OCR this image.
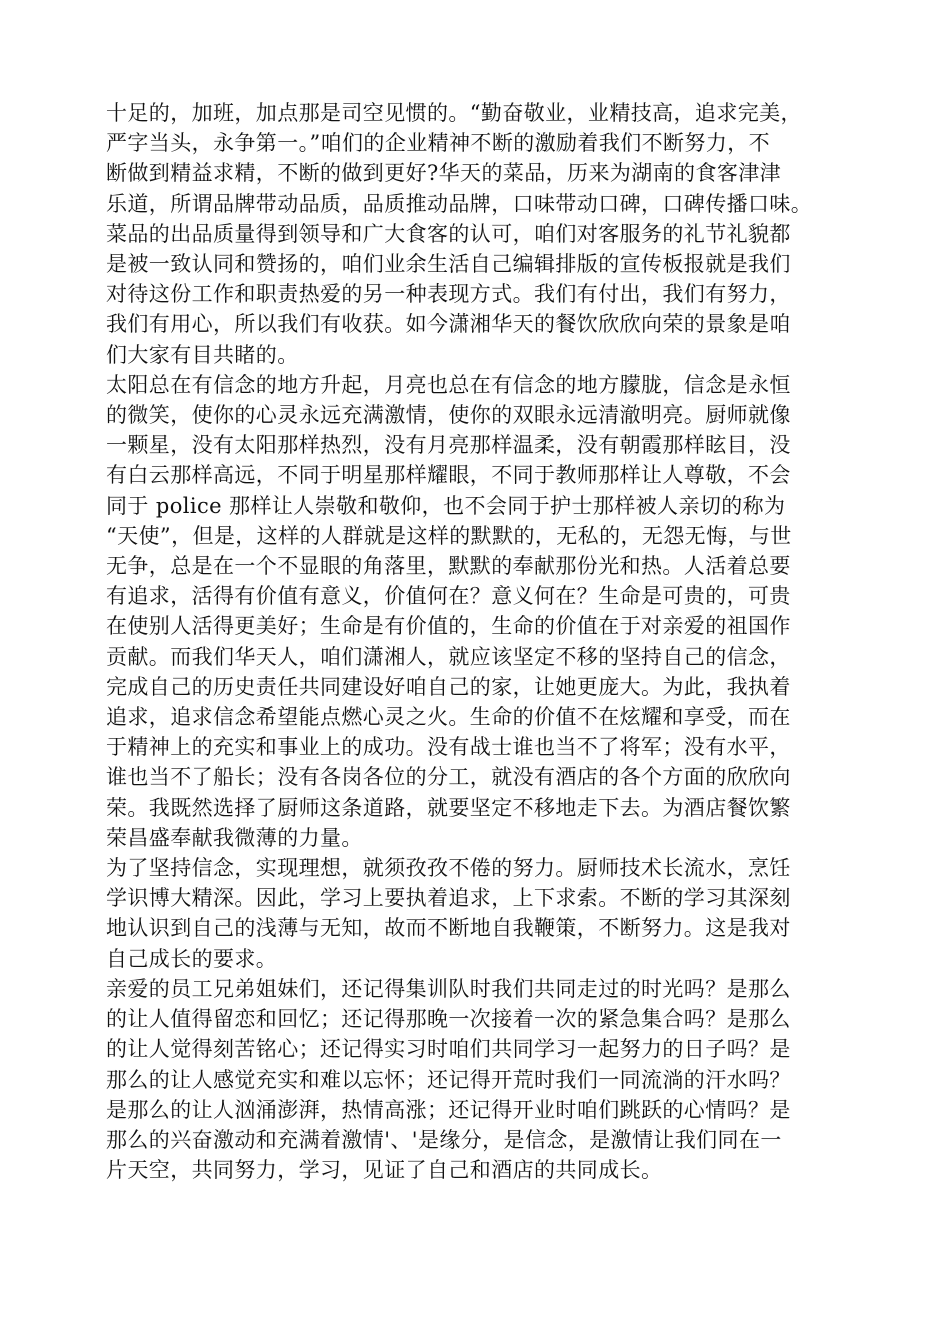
十足的，加班，加点那是司空见惯的。“勤奋敬业，业精技高，追求完美，
严字当头，永争第一。”咱们的企业精神不断的激励着我们不断努力，不
断做到精益求精，不断的做到更好?华天的菜品，历来为湖南的食客津津
乐道，所谓品牌带动品质，品质推动品牌，口味带动口碑，口碑传播口味。
菜品的出品质量得到领导和广大食客的认可，咱们对客服务的礼节礼貌都
是被一致认同和赞扬的，咱们业余生活自己编辑排版的宣传板报就是我们
对待这份工作和职责热爱的另一种表现方式。我们有付出，我们有努力，
我们有用心，所以我们有收获。如今潇湘华天的餐饮欣欣向荣的景象是咱
们大家有目共睹的。

太阳总在有信念的地方升起，月亮也总在有信念的地方朦胧，信念是永恒
的微笑，使你的心灵永远充满激情，使你的双眼永远清澈明亮。厨师就像
一颗星，没有太阳那样热烈，没有月亮那样温柔，没有朝霞那样眩目，没
有白云那样高远，不同于明星那样耀眼，不同于教师那样让人尊敬，不会
同于 police 那样让人崇敬和敬仰，也不会同于护士那样被人亲切的称为
“天使”，但是，这样的人群就是这样的默默的，无私的，无怨无悔，与世
无争，总是在一个不显眼的角落里，默默的奉献那份光和热。人活着总要
有追求，活得有价值有意义，价值何在？意义何在？生命是可贵的，可贵
在使别人活得更美好；生命是有价值的，生命的价值在于对亲爱的祖国作
贡献。而我们华天人，咱们潇湘人，就应该坚定不移的坚持自己的信念，
完成自己的历史责任共同建设好咱自己的家，让她更庞大。为此，我执着
追求，追求信念希望能点燃心灵之火。生命的价值不在炫耀和享受，而在
于精神上的充实和事业上的成功。没有战士谁也当不了将军；没有水平，
谁也当不了船长；没有各岗各位的分工，就没有酒店的各个方面的欣欣向
荣。我既然选择了厨师这条道路，就要坚定不移地走下去。为酒店餐饮繁
荣昌盛奉献我微薄的力量。

为了坚持信念，实现理想，就须孜孜不倦的努力。厨师技术长流水，烹饪
学识博大精深。因此，学习上要执着追求，上下求索。不断的学习其深刻
地认识到自己的浅薄与无知，故而不断地自我鞭策，不断努力。这是我对
自己成长的要求。

亲爱的员工兄弟姐妹们，还记得集训队时我们共同走过的时光吗？是那么
的让人值得留恋和回忆；还记得那晚一次接着一次的紧急集合吗？是那么
的让人觉得刻苦铭心；还记得实习时咱们共同学习一起努力的日子吗？是
那么的让人感觉充实和难以忘怀；还记得开荒时我们一同流淌的汗水吗？
是那么的让人汹涌澎湃，热情高涨；还记得开业时咱们跳跃的心情吗？是
那么的兴奋激动和充满着激情'、'是缘分，是信念，是激情让我们同在一
片天空，共同努力，学习，见证了自己和酒店的共同成长。
